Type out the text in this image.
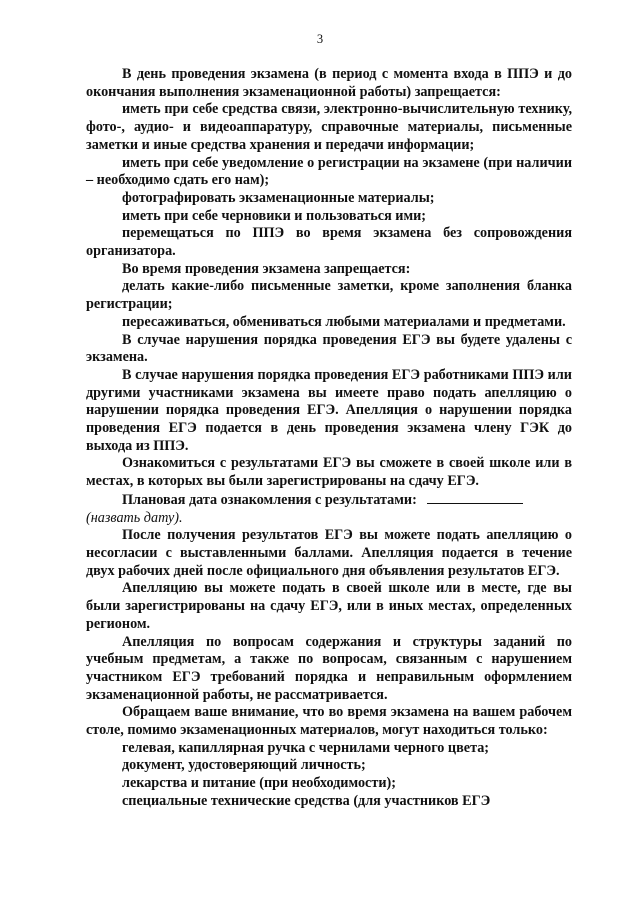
3

В день проведения экзамена (в период с момента входа в ППЭ и до окончания выполнения экзаменационной работы) запрещается:

иметь при себе средства связи, электронно-вычислительную технику, фото-, аудио- и видеоаппаратуру, справочные материалы, письменные заметки и иные средства хранения и передачи информации;

иметь при себе уведомление о регистрации на экзамене (при наличии – необходимо сдать его нам);

фотографировать экзаменационные материалы;

иметь при себе черновики и пользоваться ими;

перемещаться по ППЭ во время экзамена без сопровождения организатора.

Во время проведения экзамена запрещается:

делать какие-либо письменные заметки, кроме заполнения бланка регистрации;

пересаживаться, обмениваться любыми материалами и предметами.

В случае нарушения порядка проведения ЕГЭ вы будете удалены с экзамена.

В случае нарушения порядка проведения ЕГЭ работниками ППЭ или другими участниками экзамена вы имеете право подать апелляцию о нарушении порядка проведения ЕГЭ. Апелляция о нарушении порядка проведения ЕГЭ подается в день проведения экзамена члену ГЭК до выхода из ППЭ.

Ознакомиться с результатами ЕГЭ вы сможете в своей школе или в местах, в которых вы были зарегистрированы на сдачу ЕГЭ.

Плановая дата ознакомления с результатами:

(назвать дату).

После получения результатов ЕГЭ вы можете подать апелляцию о несогласии с выставленными баллами. Апелляция подается в течение двух рабочих дней после официального дня объявления результатов ЕГЭ.

Апелляцию вы можете подать в своей школе или в месте, где вы были зарегистрированы на сдачу ЕГЭ, или в иных местах, определенных регионом.

Апелляция по вопросам содержания и структуры заданий по учебным предметам, а также по вопросам, связанным с нарушением участником ЕГЭ требований порядка и неправильным оформлением экзаменационной работы, не рассматривается.

Обращаем ваше внимание, что во время экзамена на вашем рабочем столе, помимо экзаменационных материалов, могут находиться только:

гелевая, капиллярная ручка с чернилами черного цвета;

документ, удостоверяющий личность;

лекарства и питание (при необходимости);

специальные технические средства (для участников ЕГЭ
